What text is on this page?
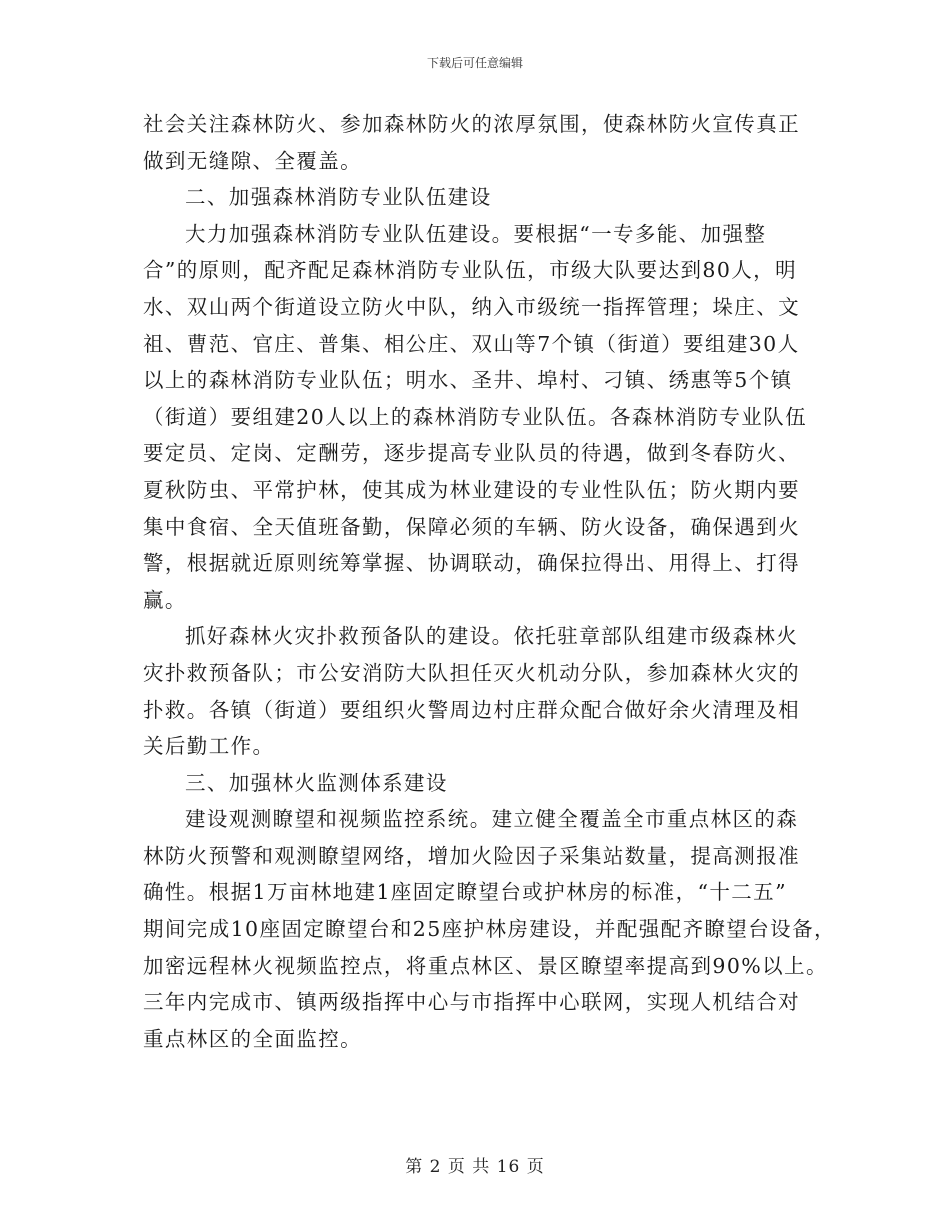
下载后可任意编辑
社会关注森林防火、参加森林防火的浓厚氛围，使森林防火宣传真正
做到无缝隙、全覆盖。
二、加强森林消防专业队伍建设
大力加强森林消防专业队伍建设。要根据“一专多能、加强整
合”的原则，配齐配足森林消防专业队伍，市级大队要达到80人，明
水、双山两个街道设立防火中队，纳入市级统一指挥管理；垛庄、文
祖、曹范、官庄、普集、相公庄、双山等7个镇（街道）要组建30人
以上的森林消防专业队伍；明水、圣井、埠村、刁镇、绣惠等5个镇
（街道）要组建20人以上的森林消防专业队伍。各森林消防专业队伍
要定员、定岗、定酬劳，逐步提高专业队员的待遇，做到冬春防火、
夏秋防虫、平常护林，使其成为林业建设的专业性队伍；防火期内要
集中食宿、全天值班备勤，保障必须的车辆、防火设备，确保遇到火
警，根据就近原则统筹掌握、协调联动，确保拉得出、用得上、打得
赢。
抓好森林火灾扑救预备队的建设。依托驻章部队组建市级森林火
灾扑救预备队；市公安消防大队担任灭火机动分队，参加森林火灾的
扑救。各镇（街道）要组织火警周边村庄群众配合做好余火清理及相
关后勤工作。
三、加强林火监测体系建设
建设观测瞭望和视频监控系统。建立健全覆盖全市重点林区的森
林防火预警和观测瞭望网络，增加火险因子采集站数量，提高测报准
确性。根据1万亩林地建1座固定瞭望台或护林房的标准，“十二五”
期间完成10座固定瞭望台和25座护林房建设，并配强配齐瞭望台设备，
加密远程林火视频监控点，将重点林区、景区瞭望率提高到90%以上。
三年内完成市、镇两级指挥中心与市指挥中心联网，实现人机结合对
重点林区的全面监控。
第 2 页 共 16 页
